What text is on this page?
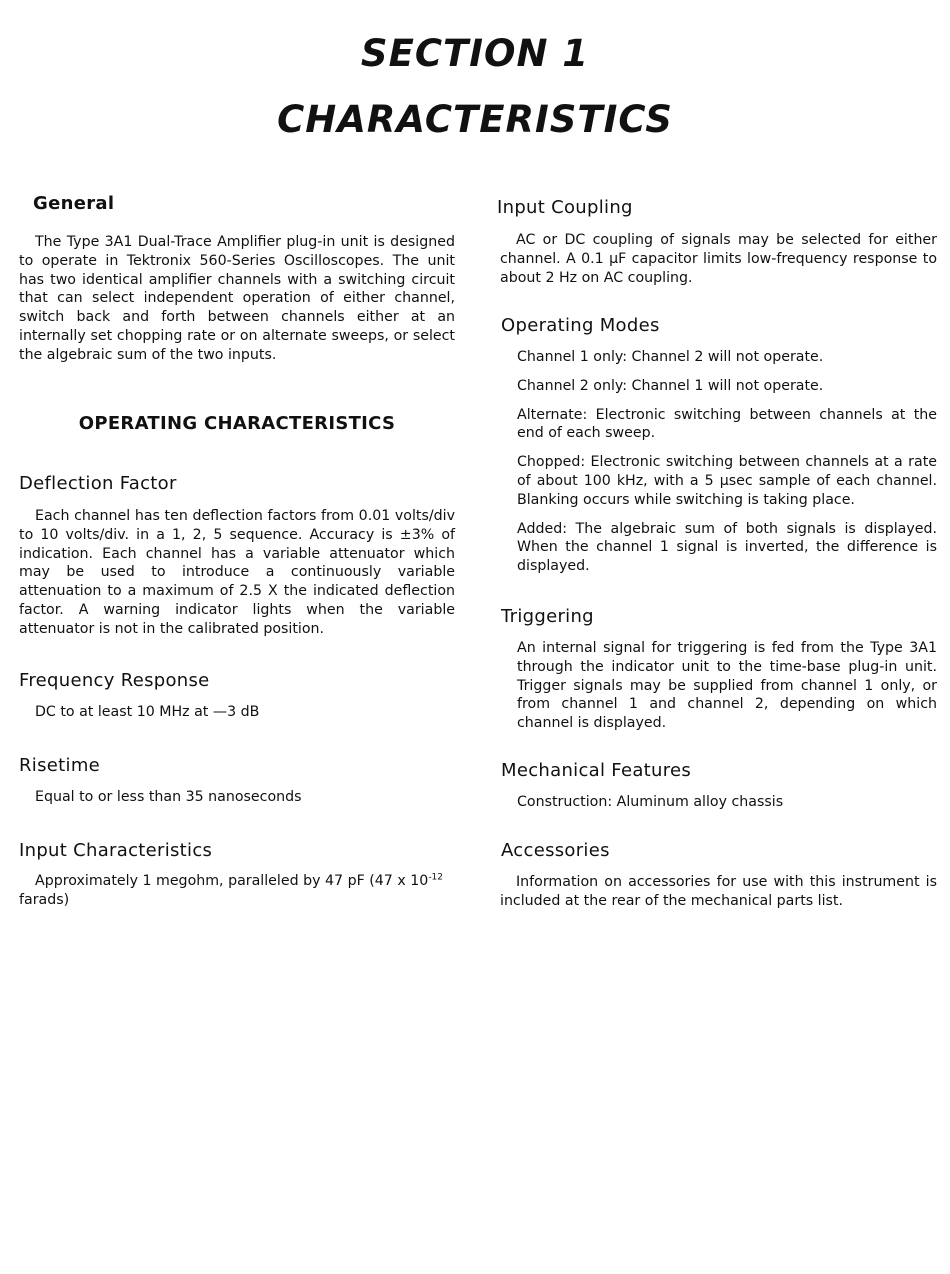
SECTION 1
CHARACTERISTICS
General

The Type 3A1 Dual-Trace Amplifier plug-in unit is designed to operate in Tektronix 560-Series Oscilloscopes. The unit has two identical amplifier channels with a switching circuit that can select independent operation of either channel, switch back and forth between channels either at an internally set chopping rate or on alternate sweeps, or select the algebraic sum of the two inputs.

OPERATING CHARACTERISTICS
Deflection Factor

Each channel has ten deflection factors from 0.01 volts/div to 10 volts/div. in a 1, 2, 5 sequence. Accuracy is ±3% of indication. Each channel has a variable attenuator which may be used to introduce a continuously variable attenuation to a maximum of 2.5 X the indicated deflection factor. A warning indicator lights when the variable attenuator is not in the calibrated position.

Frequency Response

DC to at least 10 MHz at —3 dB

Risetime

Equal to or less than 35 nanoseconds

Input Characteristics

Approximately 1 megohm, paralleled by 47 pF (47 x $10^{-12}$
farads)

Input Coupling

AC or DC coupling of signals may be selected for either channel. A 0.1 µF capacitor limits low-frequency response to about 2 Hz on AC coupling.

Operating Modes

Channel 1 only: Channel 2 will not operate.

Channel 2 only: Channel 1 will not operate.

Alternate: Electronic switching between channels at the end of each sweep.

Chopped: Electronic switching between channels at a rate of about 100 kHz, with a 5 µsec sample of each channel. Blanking occurs while switching is taking place.

Added: The algebraic sum of both signals is displayed. When the channel 1 signal is inverted, the difference is displayed.

Triggering

An internal signal for triggering is fed from the Type 3A1 through the indicator unit to the time-base plug-in unit. Trigger signals may be supplied from channel 1 only, or from channel 1 and channel 2, depending on which channel is displayed.

Mechanical Features

Construction: Aluminum alloy chassis

Accessories

Information on accessories for use with this instrument is included at the rear of the mechanical parts list.
